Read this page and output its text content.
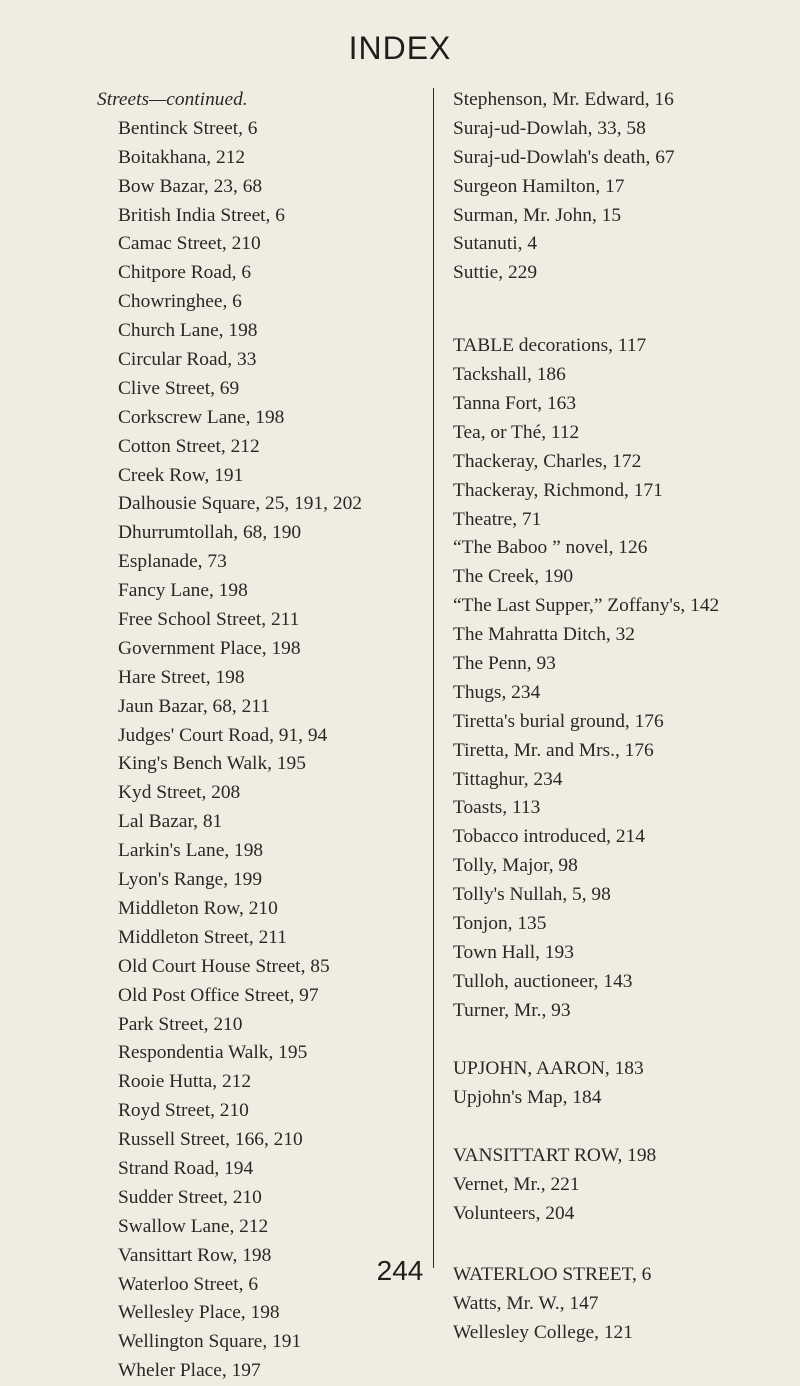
INDEX
Streets—continued.
Bentinck Street, 6
Boitakhana, 212
Bow Bazar, 23, 68
British India Street, 6
Camac Street, 210
Chitpore Road, 6
Chowringhee, 6
Church Lane, 198
Circular Road, 33
Clive Street, 69
Corkscrew Lane, 198
Cotton Street, 212
Creek Row, 191
Dalhousie Square, 25, 191, 202
Dhurrumtollah, 68, 190
Esplanade, 73
Fancy Lane, 198
Free School Street, 211
Government Place, 198
Hare Street, 198
Jaun Bazar, 68, 211
Judges' Court Road, 91, 94
King's Bench Walk, 195
Kyd Street, 208
Lal Bazar, 81
Larkin's Lane, 198
Lyon's Range, 199
Middleton Row, 210
Middleton Street, 211
Old Court House Street, 85
Old Post Office Street, 97
Park Street, 210
Respondentia Walk, 195
Rooie Hutta, 212
Royd Street, 210
Russell Street, 166, 210
Strand Road, 194
Sudder Street, 210
Swallow Lane, 212
Vansittart Row, 198
Waterloo Street, 6
Wellesley Place, 198
Wellington Square, 191
Wheler Place, 197
Stephenson, Mr. Edward, 16
Suraj-ud-Dowlah, 33, 58
Suraj-ud-Dowlah's death, 67
Surgeon Hamilton, 17
Surman, Mr. John, 15
Sutanuti, 4
Suttie, 229
TABLE decorations, 117
Tackshall, 186
Tanna Fort, 163
Tea, or Thé, 112
Thackeray, Charles, 172
Thackeray, Richmond, 171
Theatre, 71
“The Baboo ” novel, 126
The Creek, 190
“The Last Supper,” Zoffany's, 142
The Mahratta Ditch, 32
The Penn, 93
Thugs, 234
Tiretta's burial ground, 176
Tiretta, Mr. and Mrs., 176
Tittaghur, 234
Toasts, 113
Tobacco introduced, 214
Tolly, Major, 98
Tolly's Nullah, 5, 98
Tonjon, 135
Town Hall, 193
Tulloh, auctioneer, 143
Turner, Mr., 93
UPJOHN, AARON, 183
Upjohn's Map, 184
VANSITTART ROW, 198
Vernet, Mr., 221
Volunteers, 204
WATERLOO STREET, 6
Watts, Mr. W., 147
Wellesley College, 121
244
